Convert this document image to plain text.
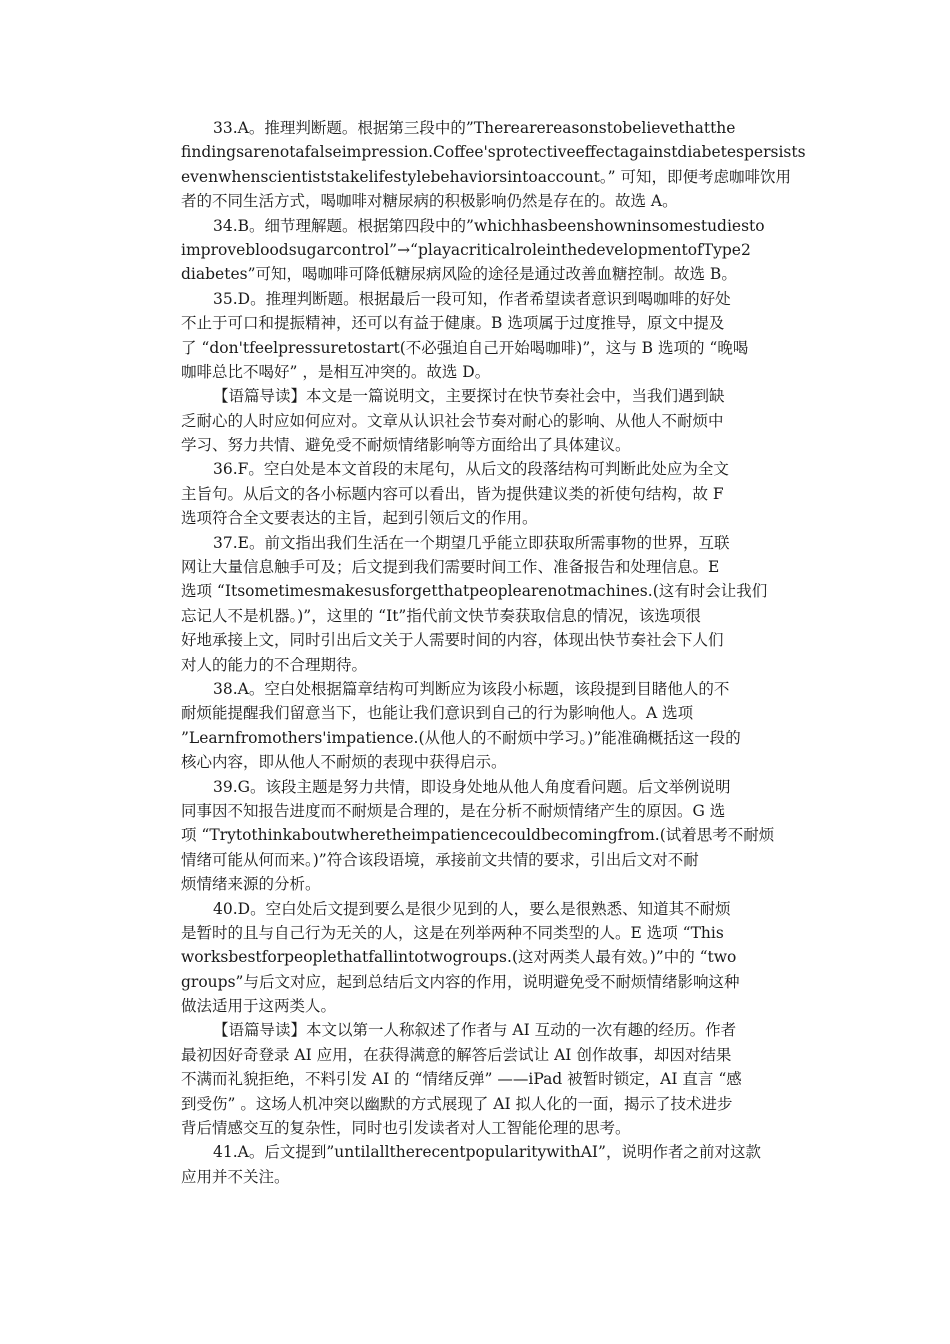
33.A。推理判断题。根据第三段中的”Therearereasonstobelievethatthe
findingsarenotafalseimpression.Coffee'sprotectiveeffectagainstdiabetespersists
evenwhenscientiststakelifestylebehaviorsintoaccount。” 可知，即便考虑咖啡饮用
者的不同生活方式，喝咖啡对糖尿病的积极影响仍然是存在的。故选 A。
34.B。细节理解题。根据第四段中的”whichhasbeenshowninsomestudiesto
improvebloodsugarcontrol”→“playacriticalroleinthedevelopmentofType2
diabetes”可知，喝咖啡可降低糖尿病风险的途径是通过改善血糖控制。故选 B。
35.D。推理判断题。根据最后一段可知，作者希望读者意识到喝咖啡的好处
不止于可口和提振精神，还可以有益于健康。B 选项属于过度推导，原文中提及
了 “don'tfeelpressuretostart(不必强迫自己开始喝咖啡)”，这与 B 选项的 “晚喝
咖啡总比不喝好” ，是相互冲突的。故选 D。
【语篇导读】本文是一篇说明文，主要探讨在快节奏社会中，当我们遇到缺
乏耐心的人时应如何应对。文章从认识社会节奏对耐心的影响、从他人不耐烦中
学习、努力共情、避免受不耐烦情绪影响等方面给出了具体建议。
36.F。空白处是本文首段的末尾句，从后文的段落结构可判断此处应为全文
主旨句。从后文的各小标题内容可以看出，皆为提供建议类的祈使句结构，故 F
选项符合全文要表达的主旨，起到引领后文的作用。
37.E。前文指出我们生活在一个期望几乎能立即获取所需事物的世界，互联
网让大量信息触手可及；后文提到我们需要时间工作、准备报告和处理信息。E
选项 “Itsometimesmakesusforgetthatpeoplearenotmachines.(这有时会让我们
忘记人不是机器。)”，这里的 “It”指代前文快节奏获取信息的情况，该选项很
好地承接上文，同时引出后文关于人需要时间的内容，体现出快节奏社会下人们
对人的能力的不合理期待。
38.A。空白处根据篇章结构可判断应为该段小标题，该段提到目睹他人的不
耐烦能提醒我们留意当下，也能让我们意识到自己的行为影响他人。A 选项
”Learnfromothers'impatience.(从他人的不耐烦中学习。)”能准确概括这一段的
核心内容，即从他人不耐烦的表现中获得启示。
39.G。该段主题是努力共情，即设身处地从他人角度看问题。后文举例说明
同事因不知报告进度而不耐烦是合理的，是在分析不耐烦情绪产生的原因。G 选
项 “Trytothinkaboutwheretheimpatiencecouldbecomingfrom.(试着思考不耐烦
情绪可能从何而来。)”符合该段语境，承接前文共情的要求，引出后文对不耐
烦情绪来源的分析。
40.D。空白处后文提到要么是很少见到的人，要么是很熟悉、知道其不耐烦
是暂时的且与自己行为无关的人，这是在列举两种不同类型的人。E 选项 “This
worksbestforpeoplethatfallintotwogroups.(这对两类人最有效。)”中的 “two
groups”与后文对应，起到总结后文内容的作用，说明避免受不耐烦情绪影响这种
做法适用于这两类人。
【语篇导读】本文以第一人称叙述了作者与 AI 互动的一次有趣的经历。作者
最初因好奇登录 AI 应用，在获得满意的解答后尝试让 AI 创作故事，却因对结果
不满而礼貌拒绝，不料引发 AI 的 “情绪反弹” ——iPad 被暂时锁定，AI 直言 “感
到受伤” 。这场人机冲突以幽默的方式展现了 AI 拟人化的一面，揭示了技术进步
背后情感交互的复杂性，同时也引发读者对人工智能伦理的思考。
41.A。后文提到”untilalltherecentpopularitywithAI”，说明作者之前对这款
应用并不关注。
